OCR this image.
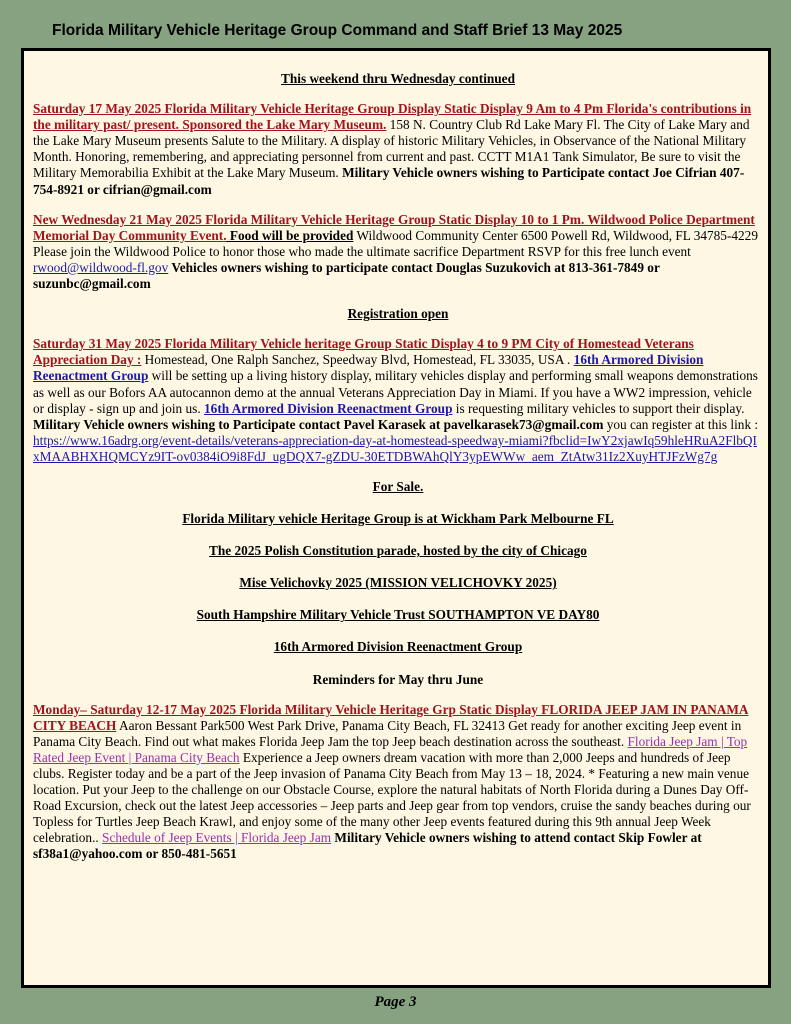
Florida Military Vehicle Heritage Group Command and Staff Brief 13 May 2025

This weekend thru Wednesday continued

Saturday 17 May 2025 Florida Military Vehicle Heritage Group Display Static Display 9 Am to 4 Pm Florida's contributions in the military past/ present. Sponsored the Lake Mary Museum. 158 N. Country Club Rd Lake Mary Fl. The City of Lake Mary and the Lake Mary Museum presents Salute to the Military. A display of historic Military Vehicles, in Observance of the National Military Month. Honoring, remembering, and appreciating personnel from current and past. CCTT M1A1 Tank Simulator, Be sure to visit the Military Memorabilia Exhibit at the Lake Mary Museum. Military Vehicle owners wishing to Participate contact Joe Cifrian 407-754-8921 or cifrian@gmail.com

New Wednesday 21 May 2025 Florida Military Vehicle Heritage Group Static Display 10 to 1 Pm. Wildwood Police Department Memorial Day Community Event. Food will be provided Wildwood Community Center 6500 Powell Rd, Wildwood, FL 34785-4229 Please join the Wildwood Police to honor those who made the ultimate sacrifice Department RSVP for this free lunch event rwood@wildwood-fl.gov Vehicles owners wishing to participate contact Douglas Suzukovich at 813-361-7849 or suzunbc@gmail.com

Registration open

Saturday 31 May 2025 Florida Military Vehicle heritage Group Static Display 4 to 9 PM City of Homestead Veterans Appreciation Day : Homestead, One Ralph Sanchez, Speedway Blvd, Homestead, FL 33035, USA . 16th Armored Division Reenactment Group will be setting up a living history display, military vehicles display and performing small weapons demonstrations as well as our Bofors AA autocannon demo at the annual Veterans Appreciation Day in Miami. If you have a WW2 impression, vehicle or display - sign up and join us. 16th Armored Division Reenactment Group is requesting military vehicles to support their display. Military Vehicle owners wishing to Participate contact Pavel Karasek at pavelkarasek73@gmail.com you can register at this link : https://www.16adrg.org/event-details/veterans-appreciation-day-at-homestead-speedway-miami?fbclid=IwY2xjawIq59hleHRuA2FlbQIxMAABHXHQMCYz9IT-ov0384iO9i8FdJ_ugDQX7-gZDU-30ETDBWAhQlY3ypEWWw_aem_ZtAtw31Iz2XuyHTJFzWg7g

For Sale.

Florida Military vehicle Heritage Group is at Wickham Park Melbourne FL

The 2025 Polish Constitution parade, hosted by the city of Chicago

Mise Velichovky 2025 (MISSION VELICHOVKY 2025)

South Hampshire Military Vehicle Trust SOUTHAMPTON VE DAY80

16th Armored Division Reenactment Group

Reminders for May thru June

Monday– Saturday 12-17 May 2025 Florida Military Vehicle Heritage Grp Static Display FLORIDA JEEP JAM IN PANAMA CITY BEACH Aaron Bessant Park500 West Park Drive, Panama City Beach, FL 32413 Get ready for another exciting Jeep event in Panama City Beach. Find out what makes Florida Jeep Jam the top Jeep beach destination across the southeast. Florida Jeep Jam | Top Rated Jeep Event | Panama City Beach Experience a Jeep owners dream vacation with more than 2,000 Jeeps and hundreds of Jeep clubs. Register today and be a part of the Jeep invasion of Panama City Beach from May 13 – 18, 2024. * Featuring a new main venue location. Put your Jeep to the challenge on our Obstacle Course, explore the natural habitats of North Florida during a Dunes Day Off-Road Excursion, check out the latest Jeep accessories – Jeep parts and Jeep gear from top vendors, cruise the sandy beaches during our Topless for Turtles Jeep Beach Krawl, and enjoy some of the many other Jeep events featured during this 9th annual Jeep Week celebration.. Schedule of Jeep Events | Florida Jeep Jam Military Vehicle owners wishing to attend contact Skip Fowler at sf38a1@yahoo.com or 850-481-5651

Page 3
